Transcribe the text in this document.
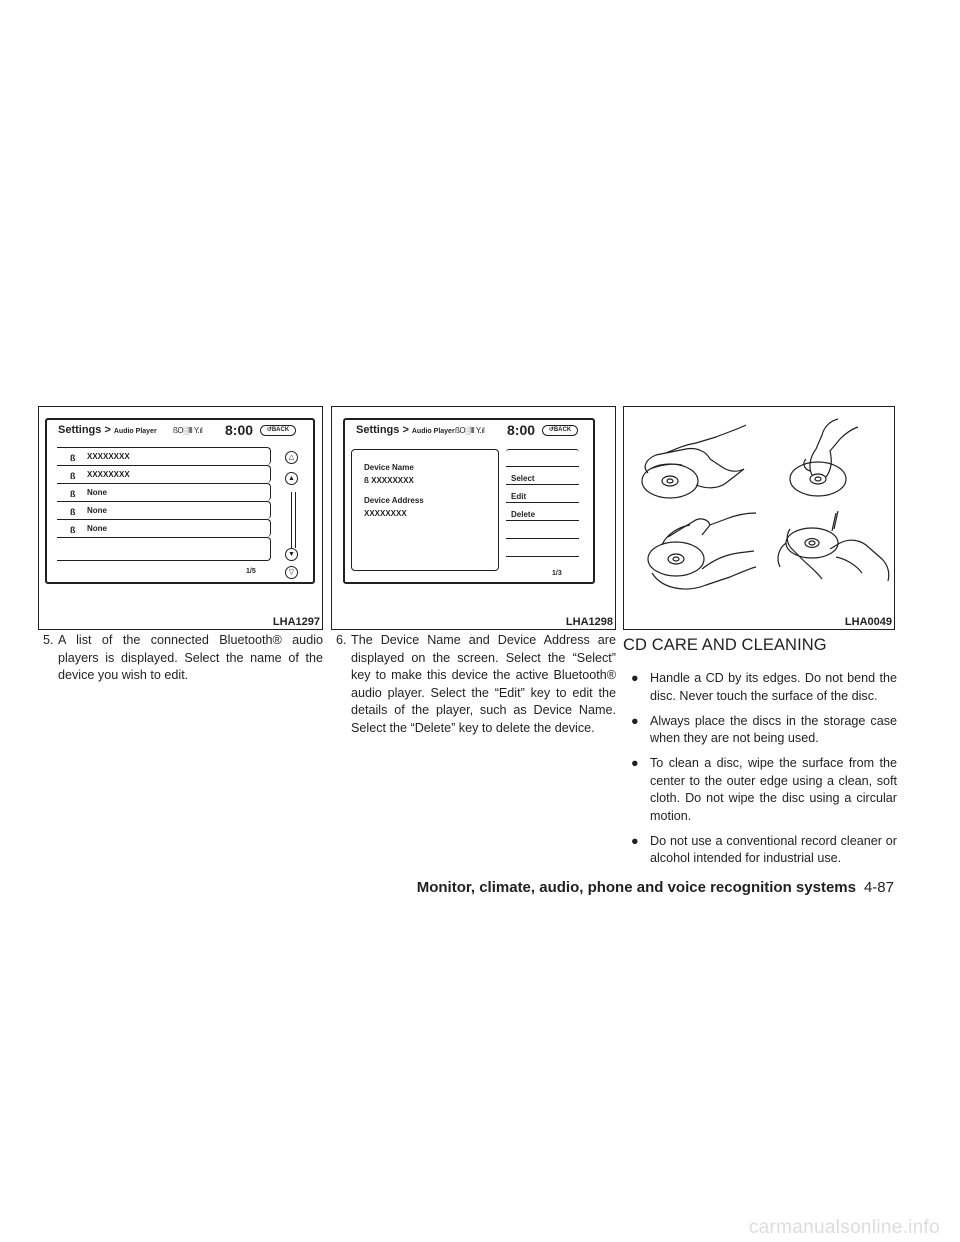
Settings > Audio Player ßO░lll Y.ıl 8:00	↺BACK
ß XXXXXXXX
ß XXXXXXXX
ß None
ß None
ß None
△
▲
▼
▽
1/5
LHA1297
Settings > Audio Player ßO░lll Y.ıl 8:00	↺BACK
Device Name
ß XXXXXXXX
Device Address
XXXXXXXX
Select
Edit
Delete
1/3
LHA1298	LHA0049
5. A list of the connected Bluetooth® audio players is displayed. Select the name of the device you wish to edit.
6. The Device Name and Device Address are displayed on the screen. Select the “Select” key to make this device the active Bluetooth® audio player. Select the “Edit” key to edit the details of the player, such as Device Name. Select the “Delete” key to delete the device.
CD CARE AND CLEANING
● Handle a CD by its edges. Do not bend the disc. Never touch the surface of the disc.
● Always place the discs in the storage case when they are not being used.
● To clean a disc, wipe the surface from the center to the outer edge using a clean, soft cloth. Do not wipe the disc using a circular motion.
● Do not use a conventional record cleaner or alcohol intended for industrial use.
Monitor, climate, audio, phone and voice recognition systems 4-87
carmanualsonline.info
